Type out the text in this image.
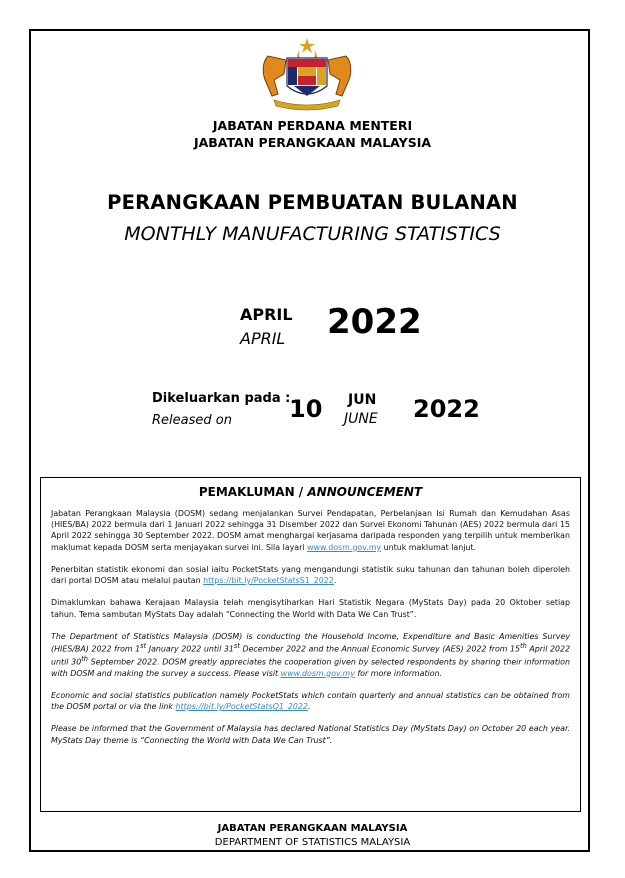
JABATAN PERDANA MENTERI
JABATAN PERANGKAAN MALAYSIA
PERANGKAAN PEMBUATAN BULANAN
MONTHLY MANUFACTURING STATISTICS
APRIL
APRIL 2022
Dikeluarkan pada :
Released on 10 JUN
JUNE 2022
PEMAKLUMAN / ANNOUNCEMENT

Jabatan Perangkaan Malaysia (DOSM) sedang menjalankan Survei Pendapatan, Perbelanjaan Isi Rumah dan Kemudahan Asas (HIES/BA) 2022 bermula dari 1 Januari 2022 sehingga 31 Disember 2022 dan Survei Ekonomi Tahunan (AES) 2022 bermula dari 15 April 2022 sehingga 30 September 2022. DOSM amat menghargai kerjasama daripada responden yang terpilih untuk memberikan maklumat kepada DOSM serta menjayakan survei ini. Sila layari www.dosm.gov.my untuk maklumat lanjut.

Penerbitan statistik ekonomi dan sosial iaitu PocketStats yang mengandungi statistik suku tahunan dan tahunan boleh diperoleh dari portal DOSM atau melalui pautan https://bit.ly/PocketStatsS1_2022.

Dimaklumkan bahawa Kerajaan Malaysia telah mengisytiharkan Hari Statistik Negara (MyStats Day) pada 20 Oktober setiap tahun. Tema sambutan MyStats Day adalah “Connecting the World with Data We Can Trust”.

The Department of Statistics Malaysia (DOSM) is conducting the Household Income, Expenditure and Basic Amenities Survey (HIES/BA) 2022 from 1st January 2022 until 31st December 2022 and the Annual Economic Survey (AES) 2022 from 15th April 2022 until 30th September 2022. DOSM greatly appreciates the cooperation given by selected respondents by sharing their information with DOSM and making the survey a success. Please visit www.dosm.gov.my for more information.

Economic and social statistics publication namely PocketStats which contain quarterly and annual statistics can be obtained from the DOSM portal or via the link https://bit.ly/PocketStatsQ1_2022.

Please be informed that the Government of Malaysia has declared National Statistics Day (MyStats Day) on October 20 each year. MyStats Day theme is “Connecting the World with Data We Can Trust”.

JABATAN PERANGKAAN MALAYSIA
DEPARTMENT OF STATISTICS MALAYSIA
